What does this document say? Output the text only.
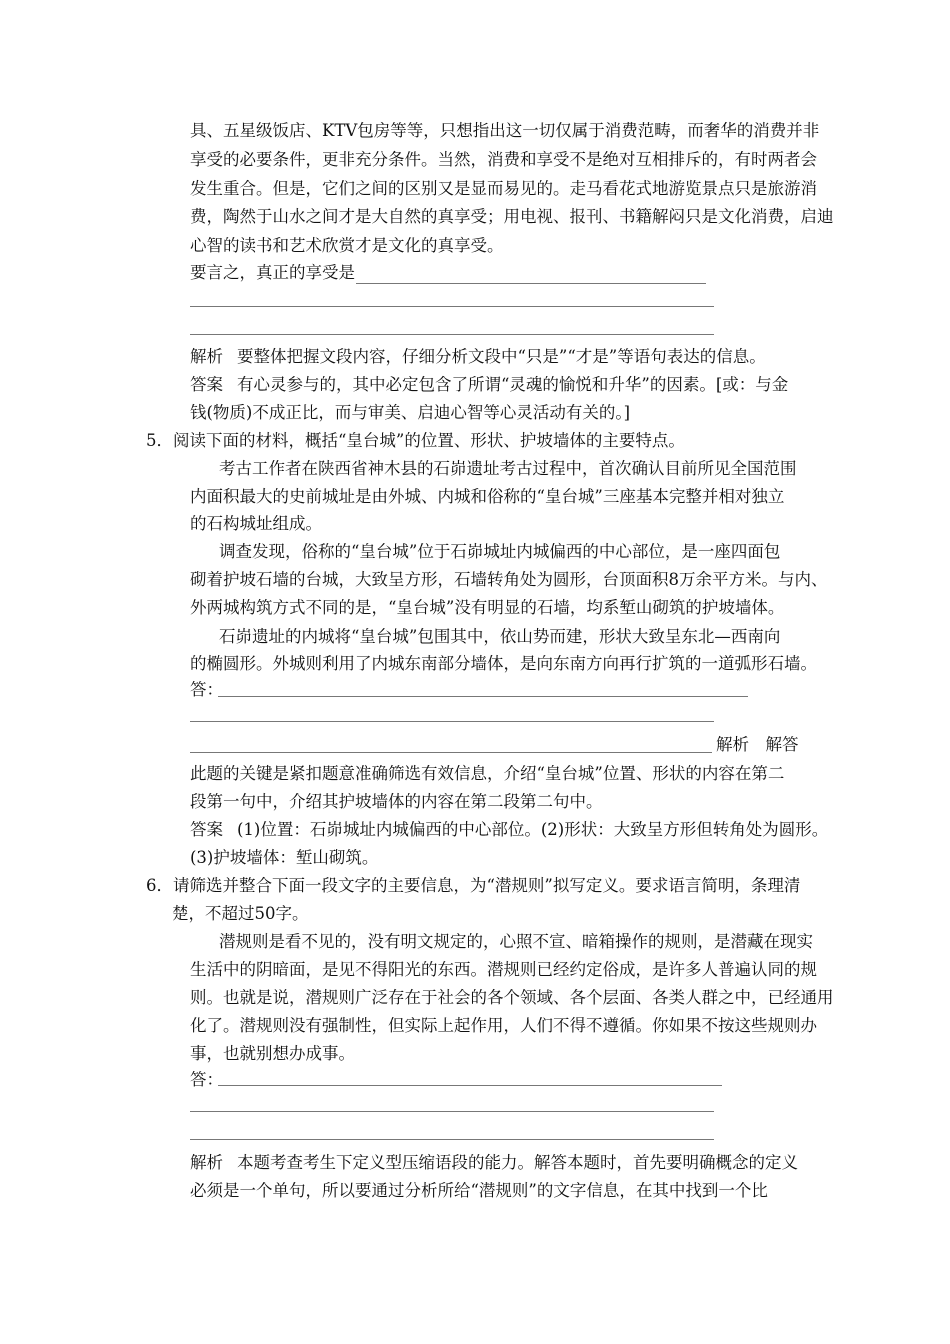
具、五星级饭店、KTV包房等等，只想指出这一切仅属于消费范畴，而奢华的消费并非
享受的必要条件，更非充分条件。当然，消费和享受不是绝对互相排斥的，有时两者会
发生重合。但是，它们之间的区别又是显而易见的。走马看花式地游览景点只是旅游消
费，陶然于山水之间才是大自然的真享受；用电视、报刊、书籍解闷只是文化消费，启迪
心智的读书和艺术欣赏才是文化的真享受。
要言之，真正的享受是
解析 要整体把握文段内容，仔细分析文段中“只是”“才是”等语句表达的信息。
答案 有心灵参与的，其中必定包含了所谓“灵魂的愉悦和升华”的因素。[或：与金
钱(物质)不成正比，而与审美、启迪心智等心灵活动有关的。]
5．阅读下面的材料，概括“皇台城”的位置、形状、护坡墙体的主要特点。
考古工作者在陕西省神木县的石峁遗址考古过程中，首次确认目前所见全国范围
内面积最大的史前城址是由外城、内城和俗称的“皇台城”三座基本完整并相对独立
的石构城址组成。
调查发现，俗称的“皇台城”位于石峁城址内城偏西的中心部位，是一座四面包
砌着护坡石墙的台城，大致呈方形，石墙转角处为圆形，台顶面积8万余平方米。与内、
外两城构筑方式不同的是，“皇台城”没有明显的石墙，均系堑山砌筑的护坡墙体。
石峁遗址的内城将“皇台城”包围其中，依山势而建，形状大致呈东北—西南向
的椭圆形。外城则利用了内城东南部分墙体，是向东南方向再行扩筑的一道弧形石墙。
答：
解析　解答
此题的关键是紧扣题意准确筛选有效信息，介绍“皇台城”位置、形状的内容在第二
段第一句中，介绍其护坡墙体的内容在第二段第二句中。
答案 (1)位置：石峁城址内城偏西的中心部位。(2)形状：大致呈方形但转角处为圆形。
(3)护坡墙体：堑山砌筑。
6．请筛选并整合下面一段文字的主要信息，为“潜规则”拟写定义。要求语言简明，条理清
楚，不超过50字。
潜规则是看不见的，没有明文规定的，心照不宣、暗箱操作的规则，是潜藏在现实
生活中的阴暗面，是见不得阳光的东西。潜规则已经约定俗成，是许多人普遍认同的规
则。也就是说，潜规则广泛存在于社会的各个领域、各个层面、各类人群之中，已经通用
化了。潜规则没有强制性，但实际上起作用，人们不得不遵循。你如果不按这些规则办
事，也就别想办成事。
答：
解析 本题考查考生下定义型压缩语段的能力。解答本题时，首先要明确概念的定义
必须是一个单句，所以要通过分析所给“潜规则”的文字信息，在其中找到一个比
